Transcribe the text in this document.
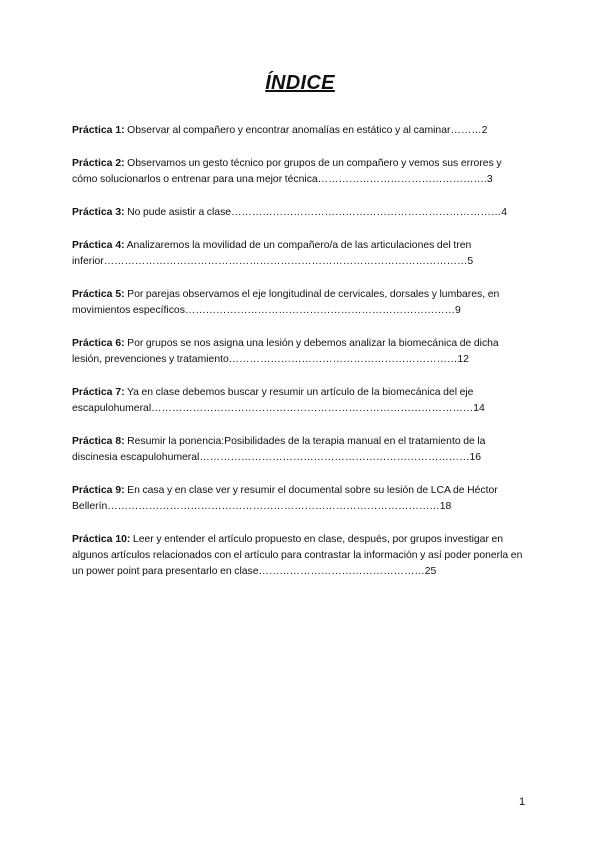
ÍNDICE
Práctica 1: Observar al compañero y encontrar anomalías en estático y al caminar………2
Práctica 2: Observamos un gesto técnico por grupos de un compañero y vemos sus errores y cómo solucionarlos o entrenar para una mejor técnica………………………………………….3
Práctica 3: No pude asistir a clase……………………………………………………………………4
Práctica 4: Analizaremos la movilidad de un compañero/a de las articulaciones del tren inferior……………………………………………………………………………………………5
Práctica 5: Por parejas observamos el eje longitudinal de cervicales, dorsales y lumbares, en movimientos específicos……………………………………………………………………9
Práctica 6: Por grupos se nos asigna una lesión y debemos analizar la biomecánica de dicha lesión, prevenciones y tratamiento…………………………………………………………12
Práctica 7: Ya en clase debemos buscar y resumir un artículo de la biomecánica del eje escapulohumeral…………………………………………………………………………………14
Práctica 8: Resumir la ponencia:Posibilidades de la terapia manual en el tratamiento de la discinesia escapulohumeral……………………………………………………………………16
Práctica 9: En casa y en clase ver y resumir el documental sobre su lesión de LCA de Héctor Bellerín……………………………………………………………………………………18
Práctica 10: Leer y entender el artículo propuesto en clase, después, por grupos investigar en algunos artículos relacionados con el artículo para contrastar la información y así poder ponerla en un power point para presentarlo en clase…………………………………………25
1
